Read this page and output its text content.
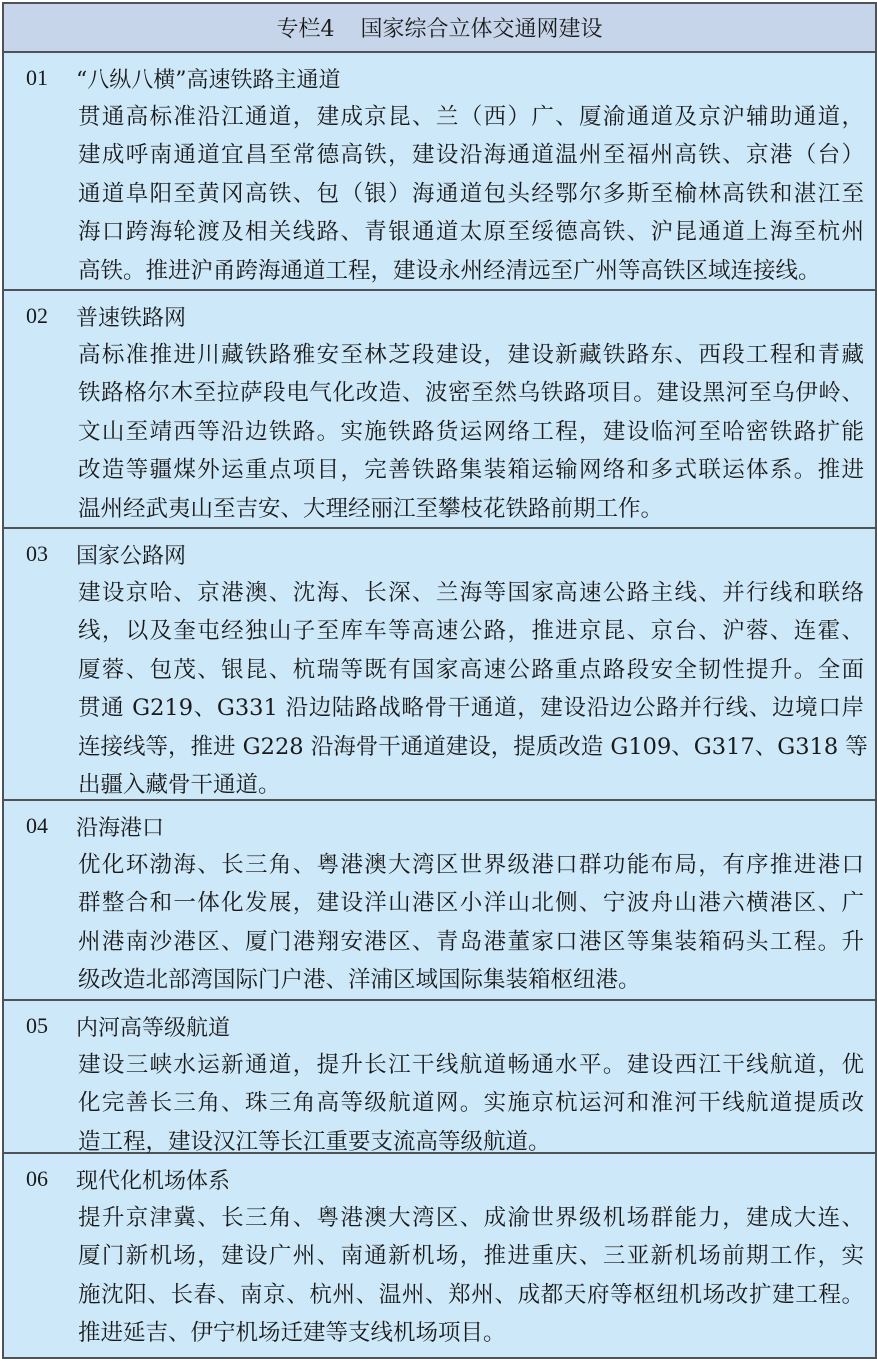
专栏4 国家综合立体交通网建设
01	“八纵八横”高速铁路主通道
贯通高标准沿江通道，建成京昆、兰（西）广、厦渝通道及京沪辅助通道，
建成呼南通道宜昌至常德高铁，建设沿海通道温州至福州高铁、京港（台）
通道阜阳至黄冈高铁、包（银）海通道包头经鄂尔多斯至榆林高铁和湛江至
海口跨海轮渡及相关线路、青银通道太原至绥德高铁、沪昆通道上海至杭州
高铁。推进沪甬跨海通道工程，建设永州经清远至广州等高铁区域连接线。
02	普速铁路网
高标准推进川藏铁路雅安至林芝段建设，建设新藏铁路东、西段工程和青藏
铁路格尔木至拉萨段电气化改造、波密至然乌铁路项目。建设黑河至乌伊岭、
文山至靖西等沿边铁路。实施铁路货运网络工程，建设临河至哈密铁路扩能
改造等疆煤外运重点项目，完善铁路集装箱运输网络和多式联运体系。推进
温州经武夷山至吉安、大理经丽江至攀枝花铁路前期工作。
03	国家公路网
建设京哈、京港澳、沈海、长深、兰海等国家高速公路主线、并行线和联络
线，以及奎屯经独山子至库车等高速公路，推进京昆、京台、沪蓉、连霍、
厦蓉、包茂、银昆、杭瑞等既有国家高速公路重点路段安全韧性提升。全面
贯通 G219、G331 沿边陆路战略骨干通道，建设沿边公路并行线、边境口岸
连接线等，推进 G228 沿海骨干通道建设，提质改造 G109、G317、G318 等
出疆入藏骨干通道。
04	沿海港口
优化环渤海、长三角、粤港澳大湾区世界级港口群功能布局，有序推进港口
群整合和一体化发展，建设洋山港区小洋山北侧、宁波舟山港六横港区、广
州港南沙港区、厦门港翔安港区、青岛港董家口港区等集装箱码头工程。升
级改造北部湾国际门户港、洋浦区域国际集装箱枢纽港。
05	内河高等级航道
建设三峡水运新通道，提升长江干线航道畅通水平。建设西江干线航道，优
化完善长三角、珠三角高等级航道网。实施京杭运河和淮河干线航道提质改
造工程，建设汉江等长江重要支流高等级航道。
06	现代化机场体系
提升京津冀、长三角、粤港澳大湾区、成渝世界级机场群能力，建成大连、
厦门新机场，建设广州、南通新机场，推进重庆、三亚新机场前期工作，实
施沈阳、长春、南京、杭州、温州、郑州、成都天府等枢纽机场改扩建工程。
推进延吉、伊宁机场迁建等支线机场项目。
